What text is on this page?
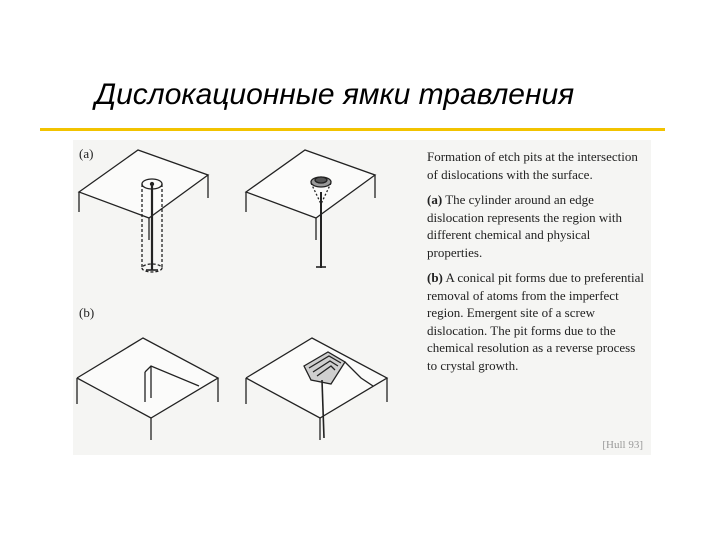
Дислокационные ямки травления
(a)
(b)

Formation of etch pits at the intersection of dislocations with the surface.

(a) The cylinder around an edge dislocation represents the region with different chemical and physical properties.

(b) A conical pit forms due to preferential removal of atoms from the imperfect region. Emergent site of a screw dislocation. The pit forms due to the chemical resolution as a reverse process to crystal growth.

[Hull 93]
